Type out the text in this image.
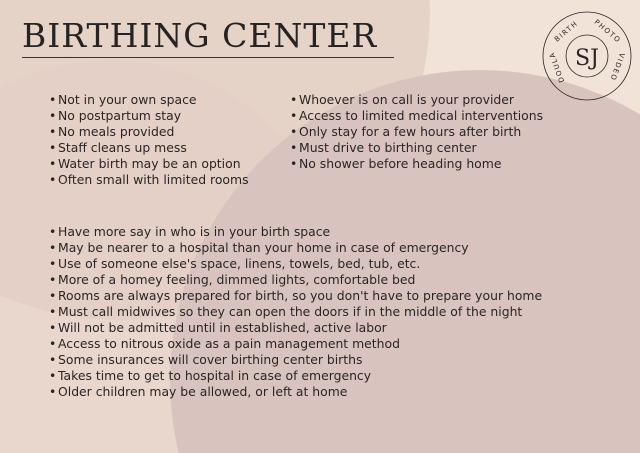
BIRTHING CENTER
SJ
BIRTH PHOTO
VIDEO
DOULA
• Not in your own space
• No postpartum stay
• No meals provided
• Staff cleans up mess
• Water birth may be an option
• Often small with limited rooms
• Whoever is on call is your provider
• Access to limited medical interventions
• Only stay for a few hours after birth
• Must drive to birthing center
• No shower before heading home
• Have more say in who is in your birth space
• May be nearer to a hospital than your home in case of emergency
• Use of someone else's space, linens, towels, bed, tub, etc.
• More of a homey feeling, dimmed lights, comfortable bed
• Rooms are always prepared for birth, so you don't have to prepare your home
• Must call midwives so they can open the doors if in the middle of the night
• Will not be admitted until in established, active labor
• Access to nitrous oxide as a pain management method
• Some insurances will cover birthing center births
• Takes time to get to hospital in case of emergency
• Older children may be allowed, or left at home
